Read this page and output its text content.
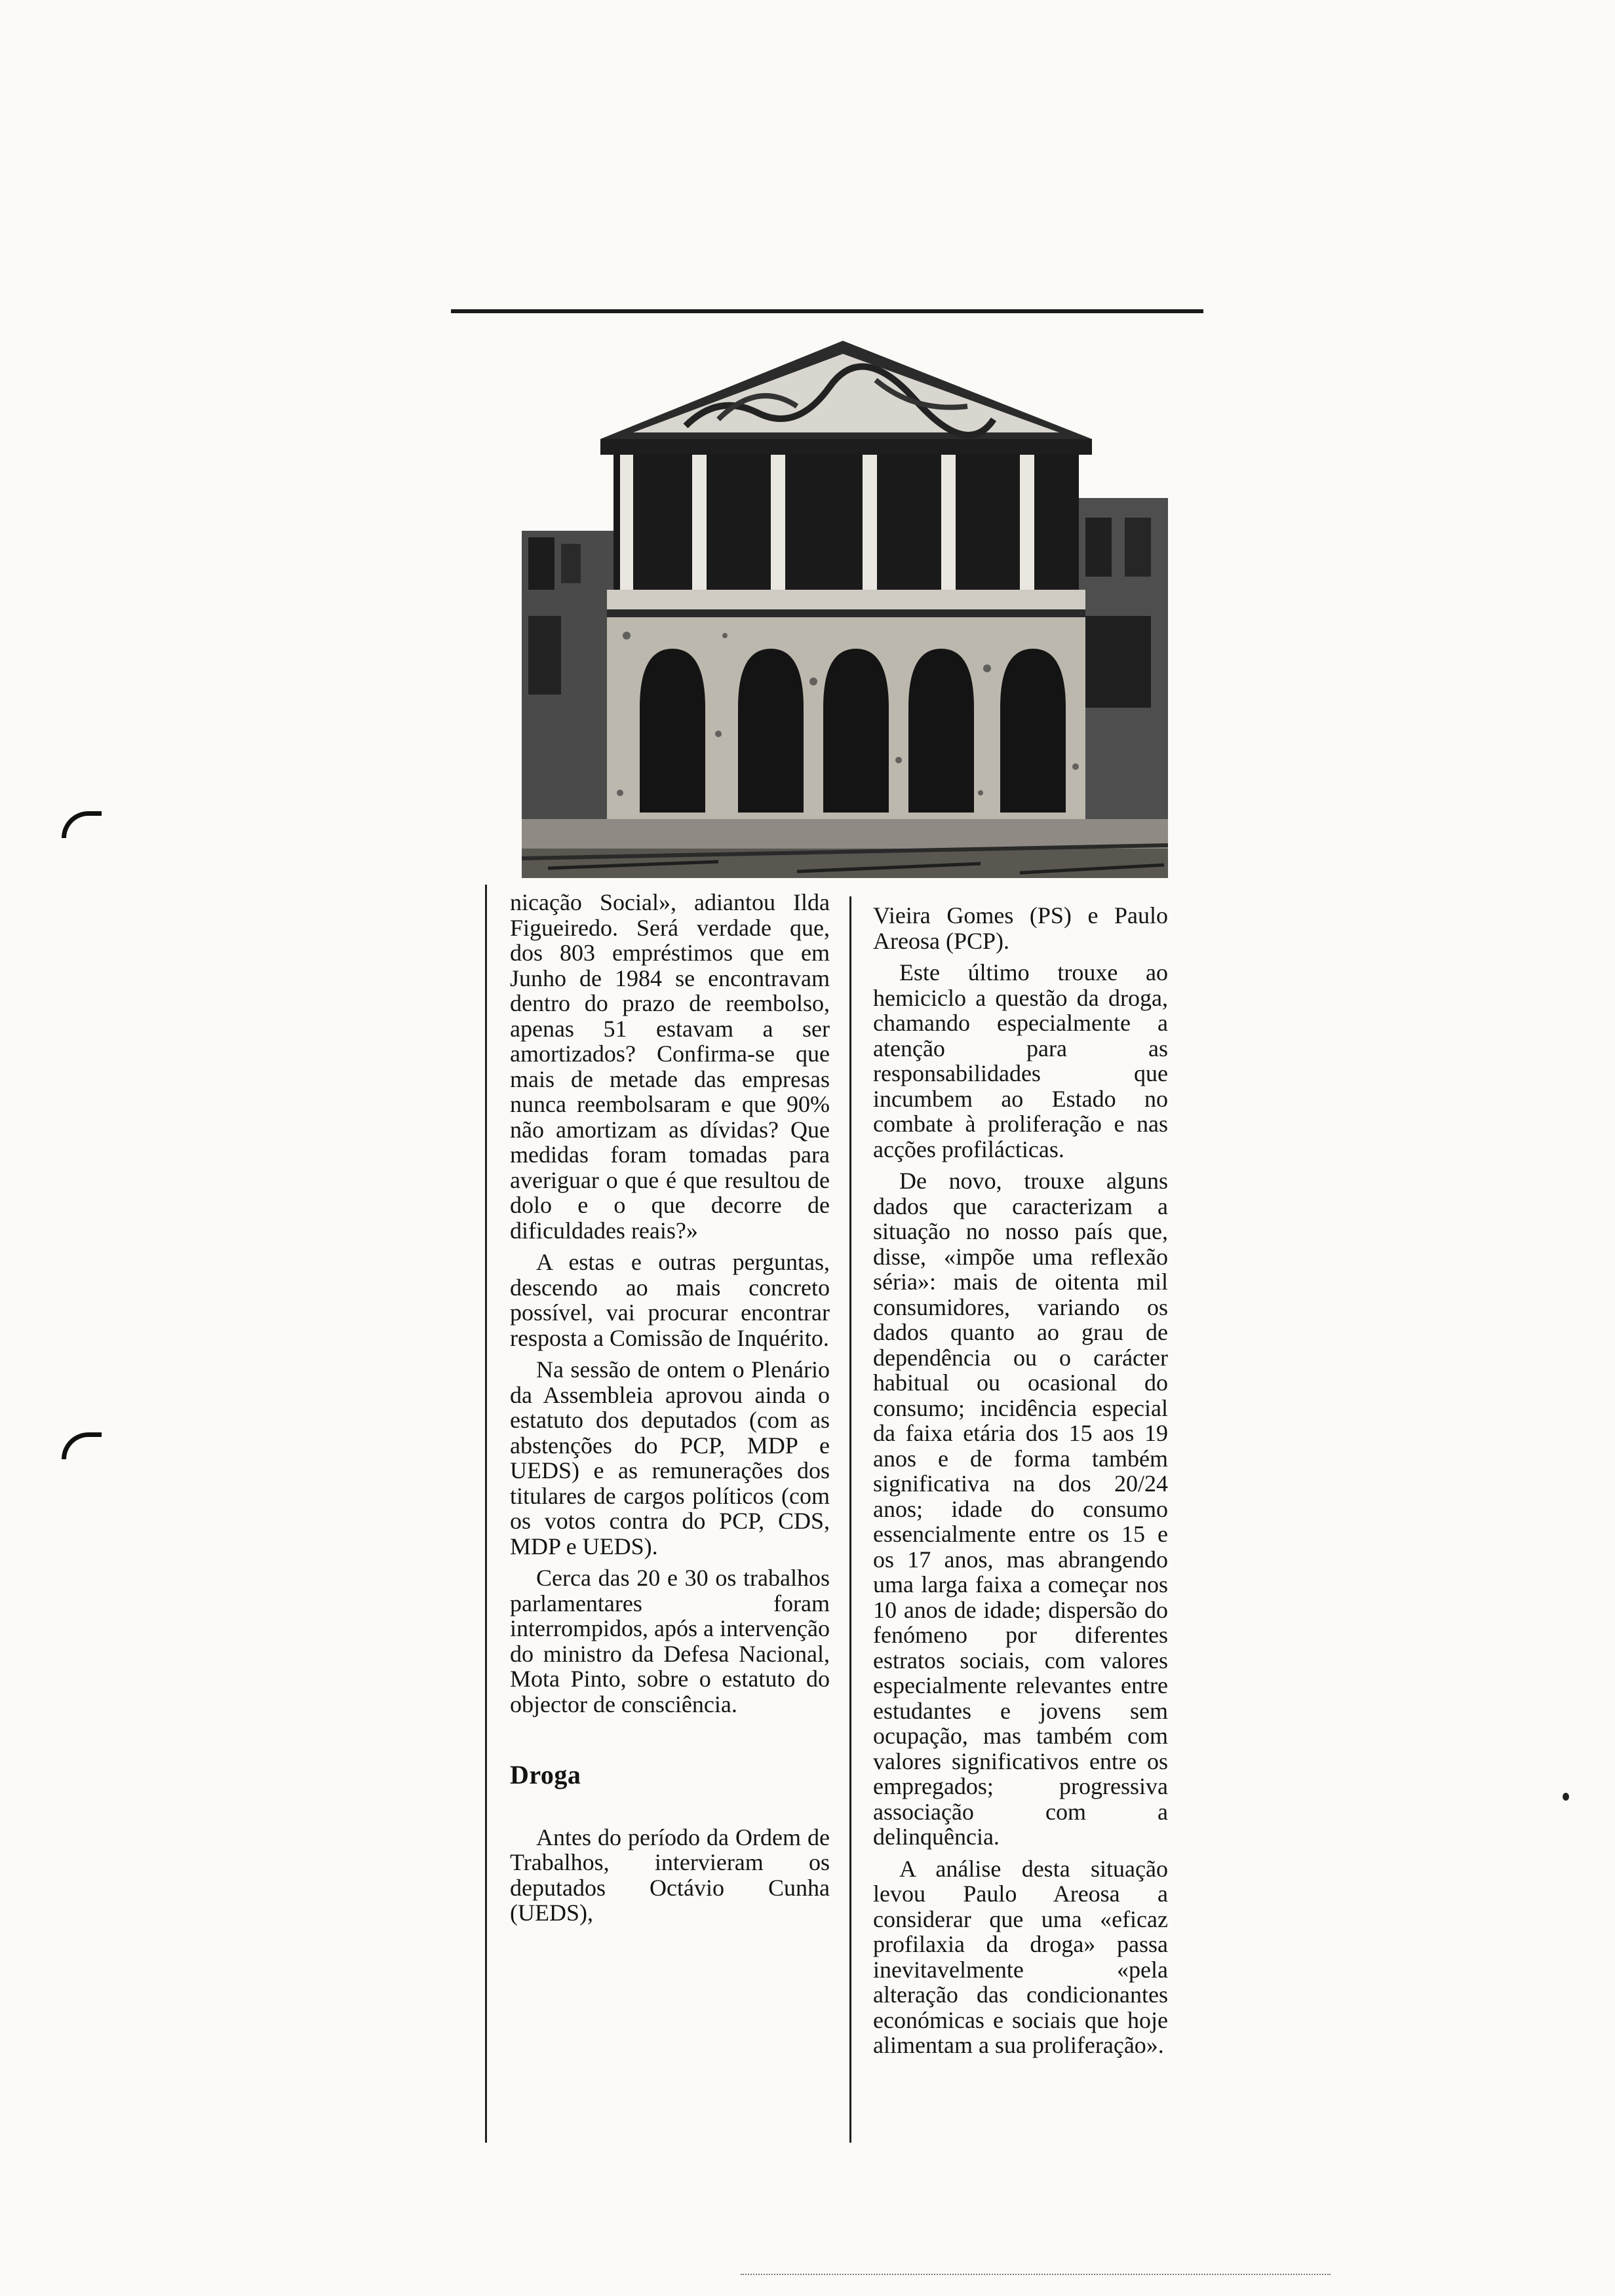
nicação Social», adiantou Ilda Figueiredo. Será verdade que, dos 803 empréstimos que em Junho de 1984 se encontravam dentro do prazo de reembolso, apenas 51 estavam a ser amortizados? Confirma-se que mais de metade das empresas nunca reembolsaram e que 90% não amortizam as dívidas? Que medidas foram tomadas para averiguar o que é que resultou de dolo e o que decorre de dificuldades reais?»

A estas e outras perguntas, descendo ao mais concreto possível, vai procurar encontrar resposta a Comissão de Inquérito.

Na sessão de ontem o Plenário da Assembleia aprovou ainda o estatuto dos deputados (com as abstenções do PCP, MDP e UEDS) e as remunerações dos titulares de cargos políticos (com os votos contra do PCP, CDS, MDP e UEDS).

Cerca das 20 e 30 os trabalhos parlamentares foram interrompidos, após a intervenção do ministro da Defesa Nacional, Mota Pinto, sobre o estatuto do objector de consciência.

Droga

Antes do período da Ordem de Trabalhos, intervieram os deputados Octávio Cunha (UEDS),

Vieira Gomes (PS) e Paulo Areosa (PCP).

Este último trouxe ao hemiciclo a questão da droga, chamando especialmente a atenção para as responsabilidades que incumbem ao Estado no combate à proliferação e nas acções profilácticas.

De novo, trouxe alguns dados que caracterizam a situação no nosso país que, disse, «impõe uma reflexão séria»: mais de oitenta mil consumidores, variando os dados quanto ao grau de dependência ou o carácter habitual ou ocasional do consumo; incidência especial da faixa etária dos 15 aos 19 anos e de forma também significativa na dos 20/24 anos; idade do consumo essencialmente entre os 15 e os 17 anos, mas abrangendo uma larga faixa a começar nos 10 anos de idade; dispersão do fenómeno por diferentes estratos sociais, com valores especialmente relevantes entre estudantes e jovens sem ocupação, mas também com valores significativos entre os empregados; progressiva associação com a delinquência.

A análise desta situação levou Paulo Areosa a considerar que uma «eficaz profilaxia da droga» passa inevitavelmente «pela alteração das condicionantes económicas e sociais que hoje alimentam a sua proliferação».
